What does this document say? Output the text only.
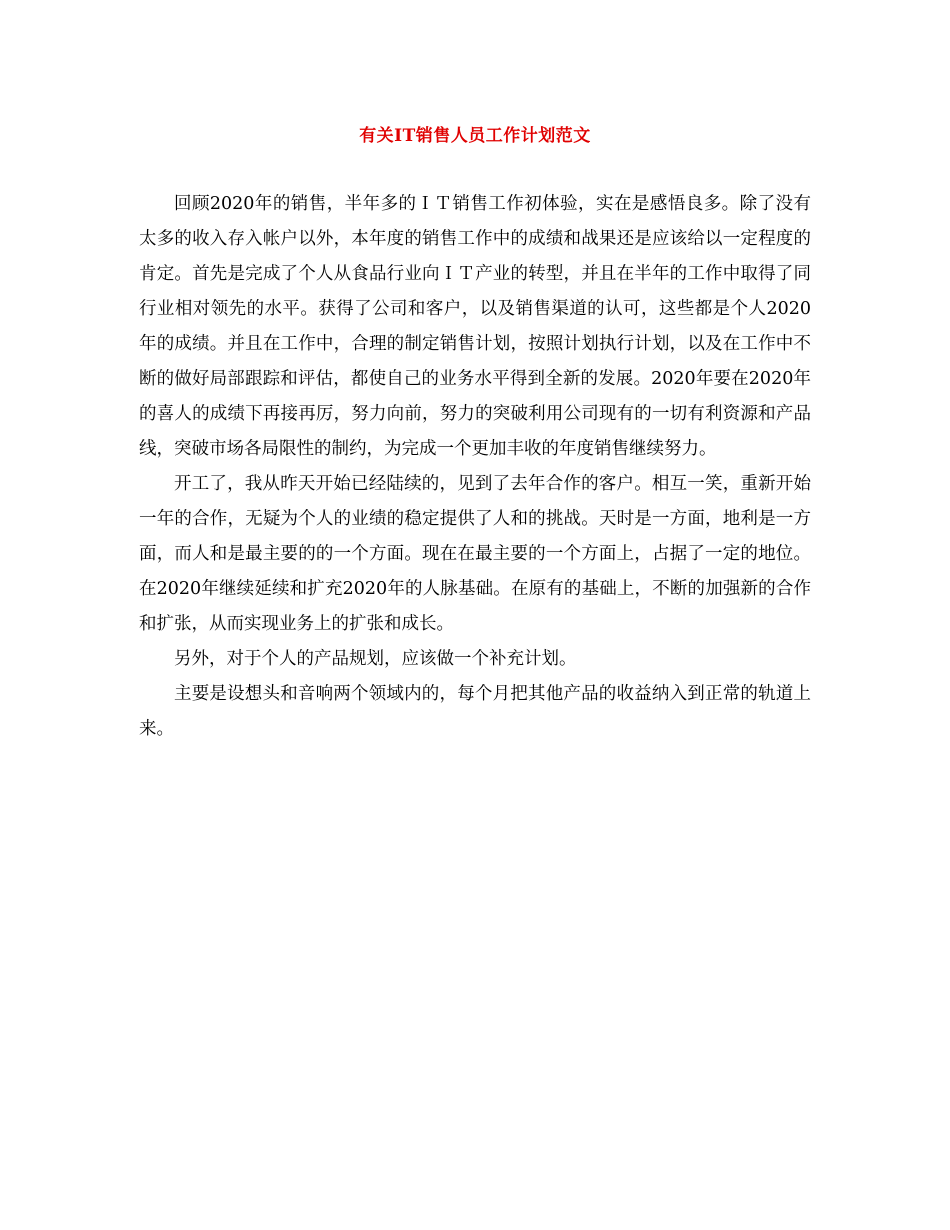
有关IT销售人员工作计划范文

回顾2020年的销售，半年多的ＩＴ销售工作初体验，实在是感悟良多。除了没有太多的收入存入帐户以外，本年度的销售工作中的成绩和战果还是应该给以一定程度的肯定。首先是完成了个人从食品行业向ＩＴ产业的转型，并且在半年的工作中取得了同行业相对领先的水平。获得了公司和客户，以及销售渠道的认可，这些都是个人2020年的成绩。并且在工作中，合理的制定销售计划，按照计划执行计划，以及在工作中不断的做好局部跟踪和评估，都使自己的业务水平得到全新的发展。2020年要在2020年的喜人的成绩下再接再厉，努力向前，努力的突破利用公司现有的一切有利资源和产品线，突破市场各局限性的制约，为完成一个更加丰收的年度销售继续努力。

开工了，我从昨天开始已经陆续的，见到了去年合作的客户。相互一笑，重新开始一年的合作，无疑为个人的业绩的稳定提供了人和的挑战。天时是一方面，地利是一方面，而人和是最主要的的一个方面。现在在最主要的一个方面上，占据了一定的地位。在2020年继续延续和扩充2020年的人脉基础。在原有的基础上，不断的加强新的合作和扩张，从而实现业务上的扩张和成长。

另外，对于个人的产品规划，应该做一个补充计划。

主要是设想头和音响两个领域内的，每个月把其他产品的收益纳入到正常的轨道上来。
